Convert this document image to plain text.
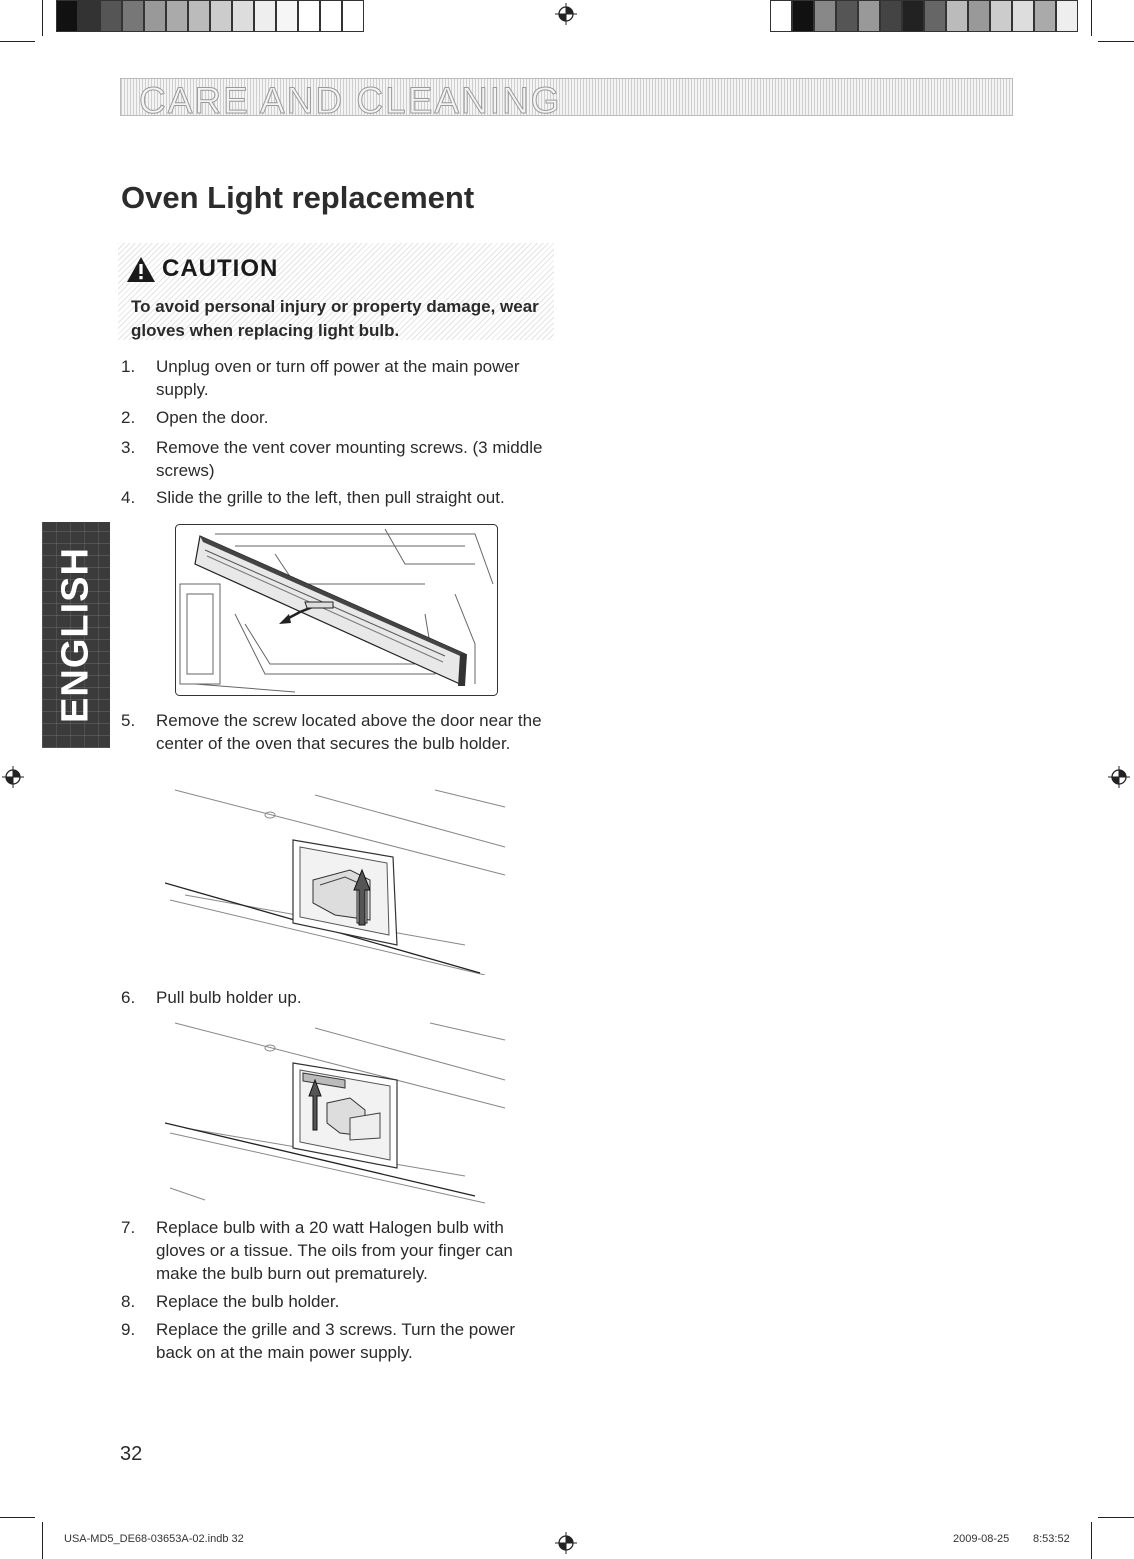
CARE AND CLEANING
Oven Light replacement
CAUTION
To avoid personal injury or property damage, wear gloves when replacing light bulb.
1. Unplug oven or turn off power at the main power supply.
2. Open the door.
3. Remove the vent cover mounting screws. (3 middle screws)
4. Slide the grille to the left, then pull straight out.
5. Remove the screw located above the door near the center of the oven that secures the bulb holder.
6. Pull bulb holder up.
7. Replace bulb with a 20 watt Halogen bulb with gloves or a tissue. The oils from your finger can make the bulb burn out prematurely.
8. Replace the bulb holder.
9. Replace the grille and 3 screws. Turn the power back on at the main power supply.
ENGLISH
32
USA-MD5_DE68-03653A-02.indb 32	2009-08-25 8:53:52
